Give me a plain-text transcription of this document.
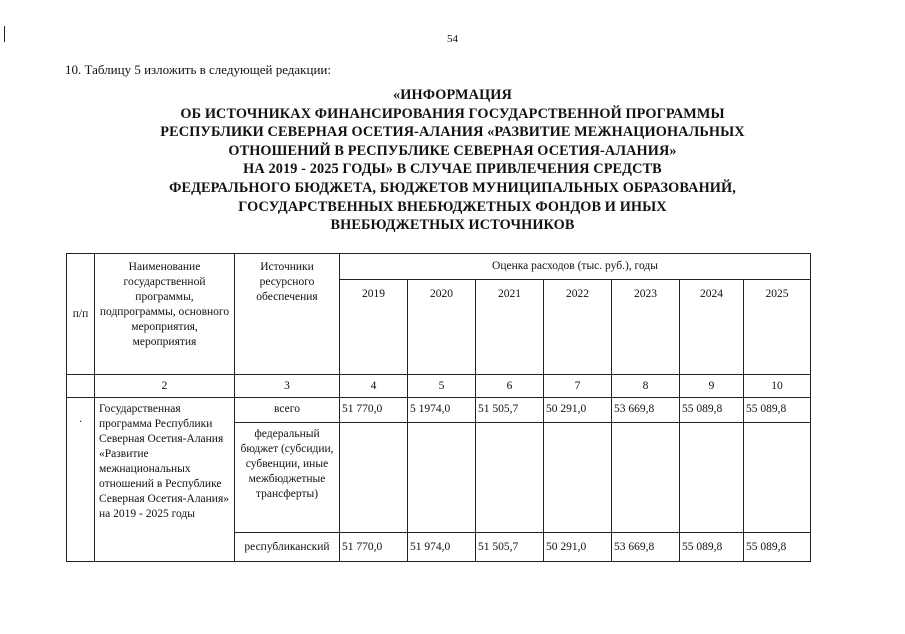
54
10. Таблицу 5 изложить в следующей редакции:
«ИНФОРМАЦИЯ
ОБ ИСТОЧНИКАХ ФИНАНСИРОВАНИЯ ГОСУДАРСТВЕННОЙ ПРОГРАММЫ
РЕСПУБЛИКИ СЕВЕРНАЯ ОСЕТИЯ-АЛАНИЯ «РАЗВИТИЕ МЕЖНАЦИОНАЛЬНЫХ
ОТНОШЕНИЙ В РЕСПУБЛИКЕ СЕВЕРНАЯ ОСЕТИЯ-АЛАНИЯ»
НА 2019 - 2025 ГОДЫ» В СЛУЧАЕ ПРИВЛЕЧЕНИЯ СРЕДСТВ
ФЕДЕРАЛЬНОГО БЮДЖЕТА, БЮДЖЕТОВ МУНИЦИПАЛЬНЫХ ОБРАЗОВАНИЙ,
ГОСУДАРСТВЕННЫХ ВНЕБЮДЖЕТНЫХ ФОНДОВ И ИНЫХ
ВНЕБЮДЖЕТНЫХ ИСТОЧНИКОВ
п/п	Наименование государственной программы, подпрограммы, основного мероприятия, мероприятия	Источники ресурсного обеспечения	Оценка расходов (тыс. руб.), годы						
			2019	2020	2021	2022	2023	2024	2025
	2	3	4	5	6	7	8	9	10
.	Государственная программа Республики Северная Осетия-Алания «Развитие межнациональных отношений в Республике Северная Осетия-Алания» на 2019 - 2025 годы	всего	51 770,0	5 1974,0	51 505,7	50 291,0	53 669,8	55 089,8	55 089,8
		федеральный бюджет (субсидии, субвенции, иные межбюджетные трансферты)							
		республиканский	51 770,0	51 974,0	51 505,7	50 291,0	53 669,8	55 089,8	55 089,8
